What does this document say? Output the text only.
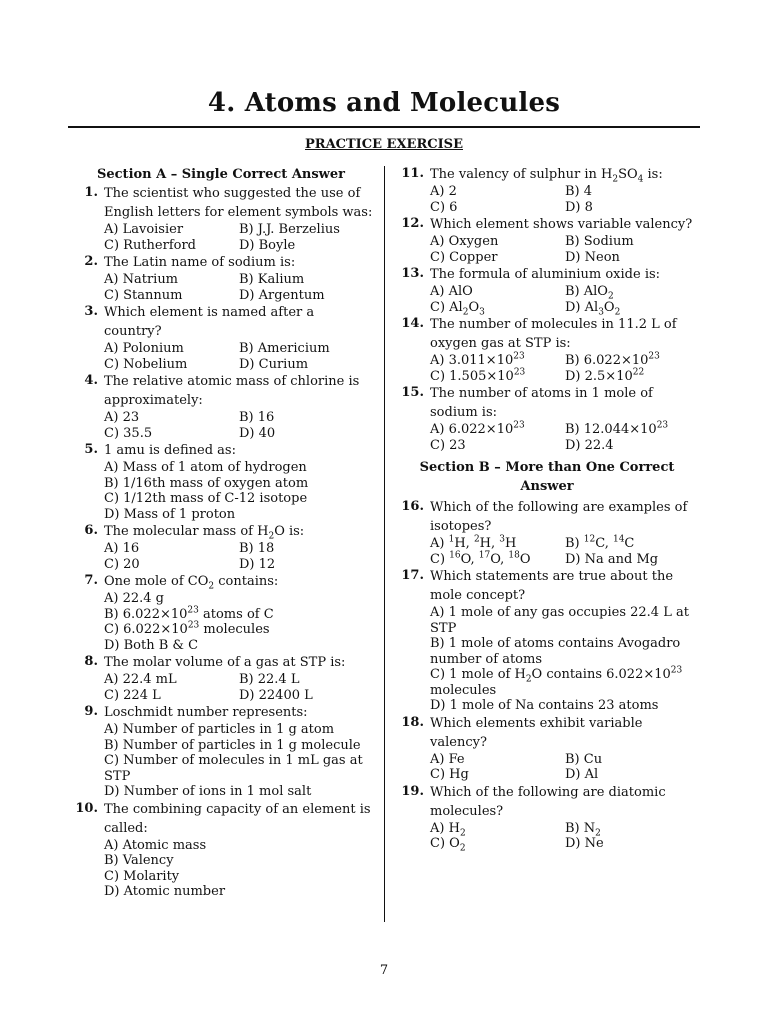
4. Atoms and Molecules
PRACTICE EXERCISE
Section A – Single Correct Answer
1. The scientist who suggested the use of English letters for element symbols was:
A) Lavoisier	B) J.J. Berzelius
C) Rutherford	D) Boyle
2. The Latin name of sodium is:
A) Natrium	B) Kalium
C) Stannum	D) Argentum
3. Which element is named after a country?
A) Polonium	B) Americium
C) Nobelium	D) Curium
4. The relative atomic mass of chlorine is approximately:
A) 23	B) 16
C) 35.5	D) 40
5. 1 amu is defined as:
A) Mass of 1 atom of hydrogen
B) 1/16th mass of oxygen atom
C) 1/12th mass of C-12 isotope
D) Mass of 1 proton
6. The molecular mass of $H_2O$ is:
A) 16	B) 18
C) 20	D) 12
7. One mole of $CO_2$ contains:
A) 22.4 g
B) $6.022\times 10^{23}$ atoms of C
C) $6.022\times 10^{23}$ molecules
D) Both B & C
8. The molar volume of a gas at STP is:
A) 22.4 mL	B) 22.4 L
C) 224 L	D) 22400 L
9. Loschmidt number represents:
A) Number of particles in 1 g atom
B) Number of particles in 1 g molecule
C) Number of molecules in 1 mL gas at STP
D) Number of ions in 1 mol salt
10. The combining capacity of an element is called:
A) Atomic mass
B) Valency
C) Molarity
D) Atomic number
11. The valency of sulphur in $H_2SO_4$ is:
A) 2	B) 4
C) 6	D) 8
12. Which element shows variable valency?
A) Oxygen	B) Sodium
C) Copper	D) Neon
13. The formula of aluminium oxide is:
A) AlO	B) AlO$_2$
C) $Al_2O_3$	D) $Al_3O_2$
14. The number of molecules in 11.2 L of oxygen gas at STP is:
A) $3.011\times 10^{23}$	B) $6.022\times 10^{23}$
C) $1.505\times 10^{23}$	D) $2.5\times 10^{22}$
15. The number of atoms in 1 mole of sodium is:
A) $6.022\times 10^{23}$	B) $12.044\times 10^{23}$
C) 23	D) 22.4
Section B – More than One Correct Answer
16. Which of the following are examples of isotopes?
A) $^1$H, $^2$H, $^3$H	B) $^{12}$C, $^{14}$C
C) $^{16}$O, $^{17}$O, $^{18}$O	D) Na and Mg
17. Which statements are true about the mole concept?
A) 1 mole of any gas occupies 22.4 L at STP
B) 1 mole of atoms contains Avogadro number of atoms
C) 1 mole of $H_2O$ contains $6.022\times 10^{23}$ molecules
D) 1 mole of Na contains 23 atoms
18. Which elements exhibit variable valency?
A) Fe	B) Cu
C) Hg	D) Al
19. Which of the following are diatomic molecules?
A) $H_2$	B) $N_2$
C) $O_2$	D) Ne
7
